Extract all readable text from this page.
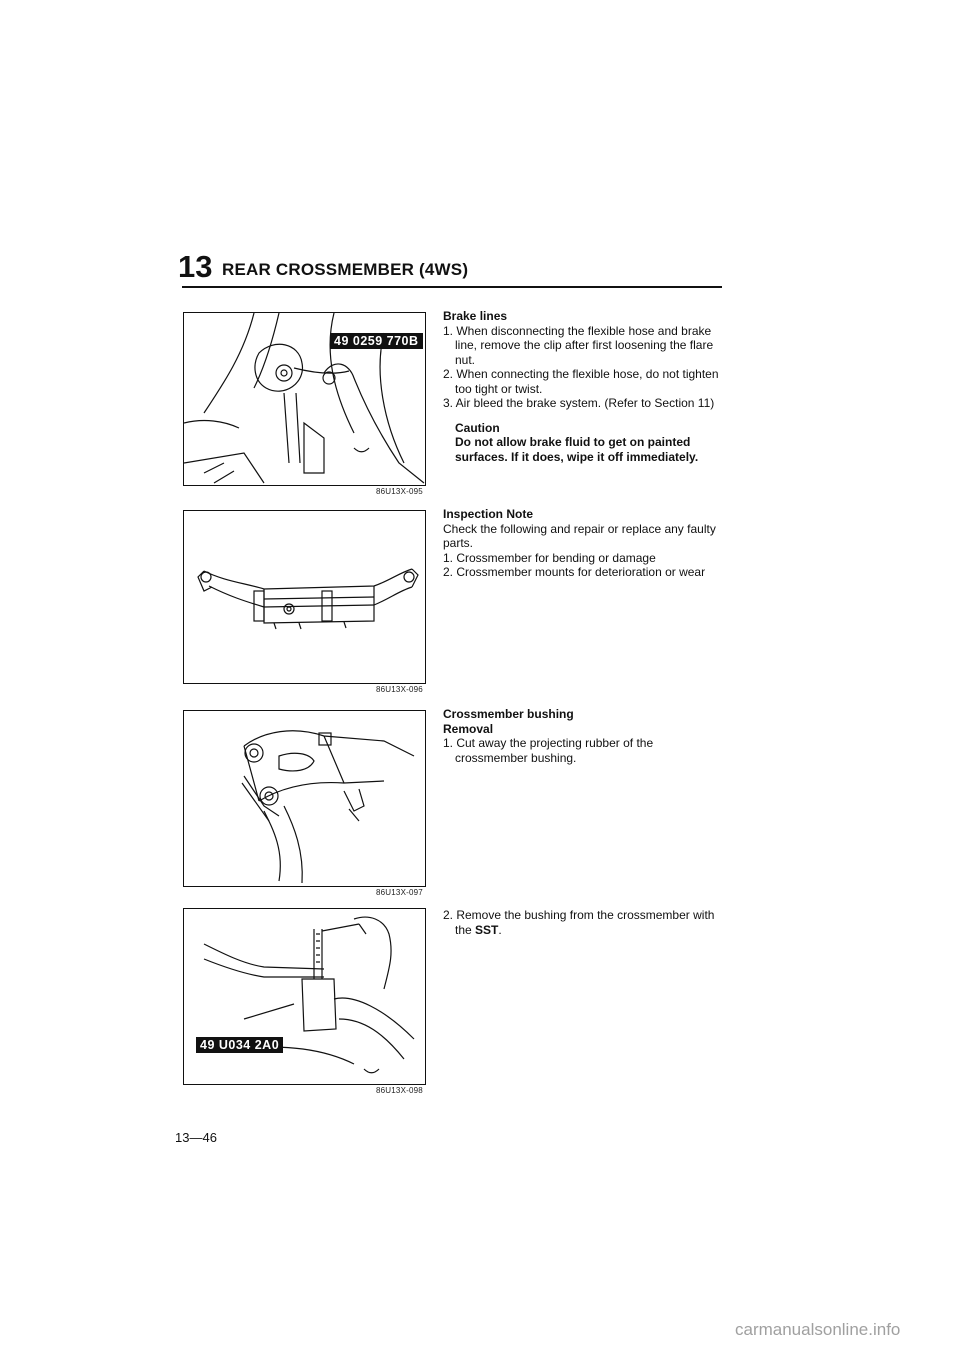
13 REAR CROSSMEMBER (4WS)
49 0259 770B
86U13X-095
86U13X-096
86U13X-097
49 U034 2A0
86U13X-098
Brake lines
1. When disconnecting the flexible hose and brake line, remove the clip after first loosening the flare nut.
2. When connecting the flexible hose, do not tighten too tight or twist.
3. Air bleed the brake system. (Refer to Section 11)
Caution
Do not allow brake fluid to get on painted surfaces. If it does, wipe it off immediately.
Inspection Note
Check the following and repair or replace any faulty parts.
1. Crossmember for bending or damage
2. Crossmember mounts for deterioration or wear
Crossmember bushing
Removal
1. Cut away the projecting rubber of the crossmember bushing.
2. Remove the bushing from the crossmember with the SST.
13—46
carmanualsonline.info
